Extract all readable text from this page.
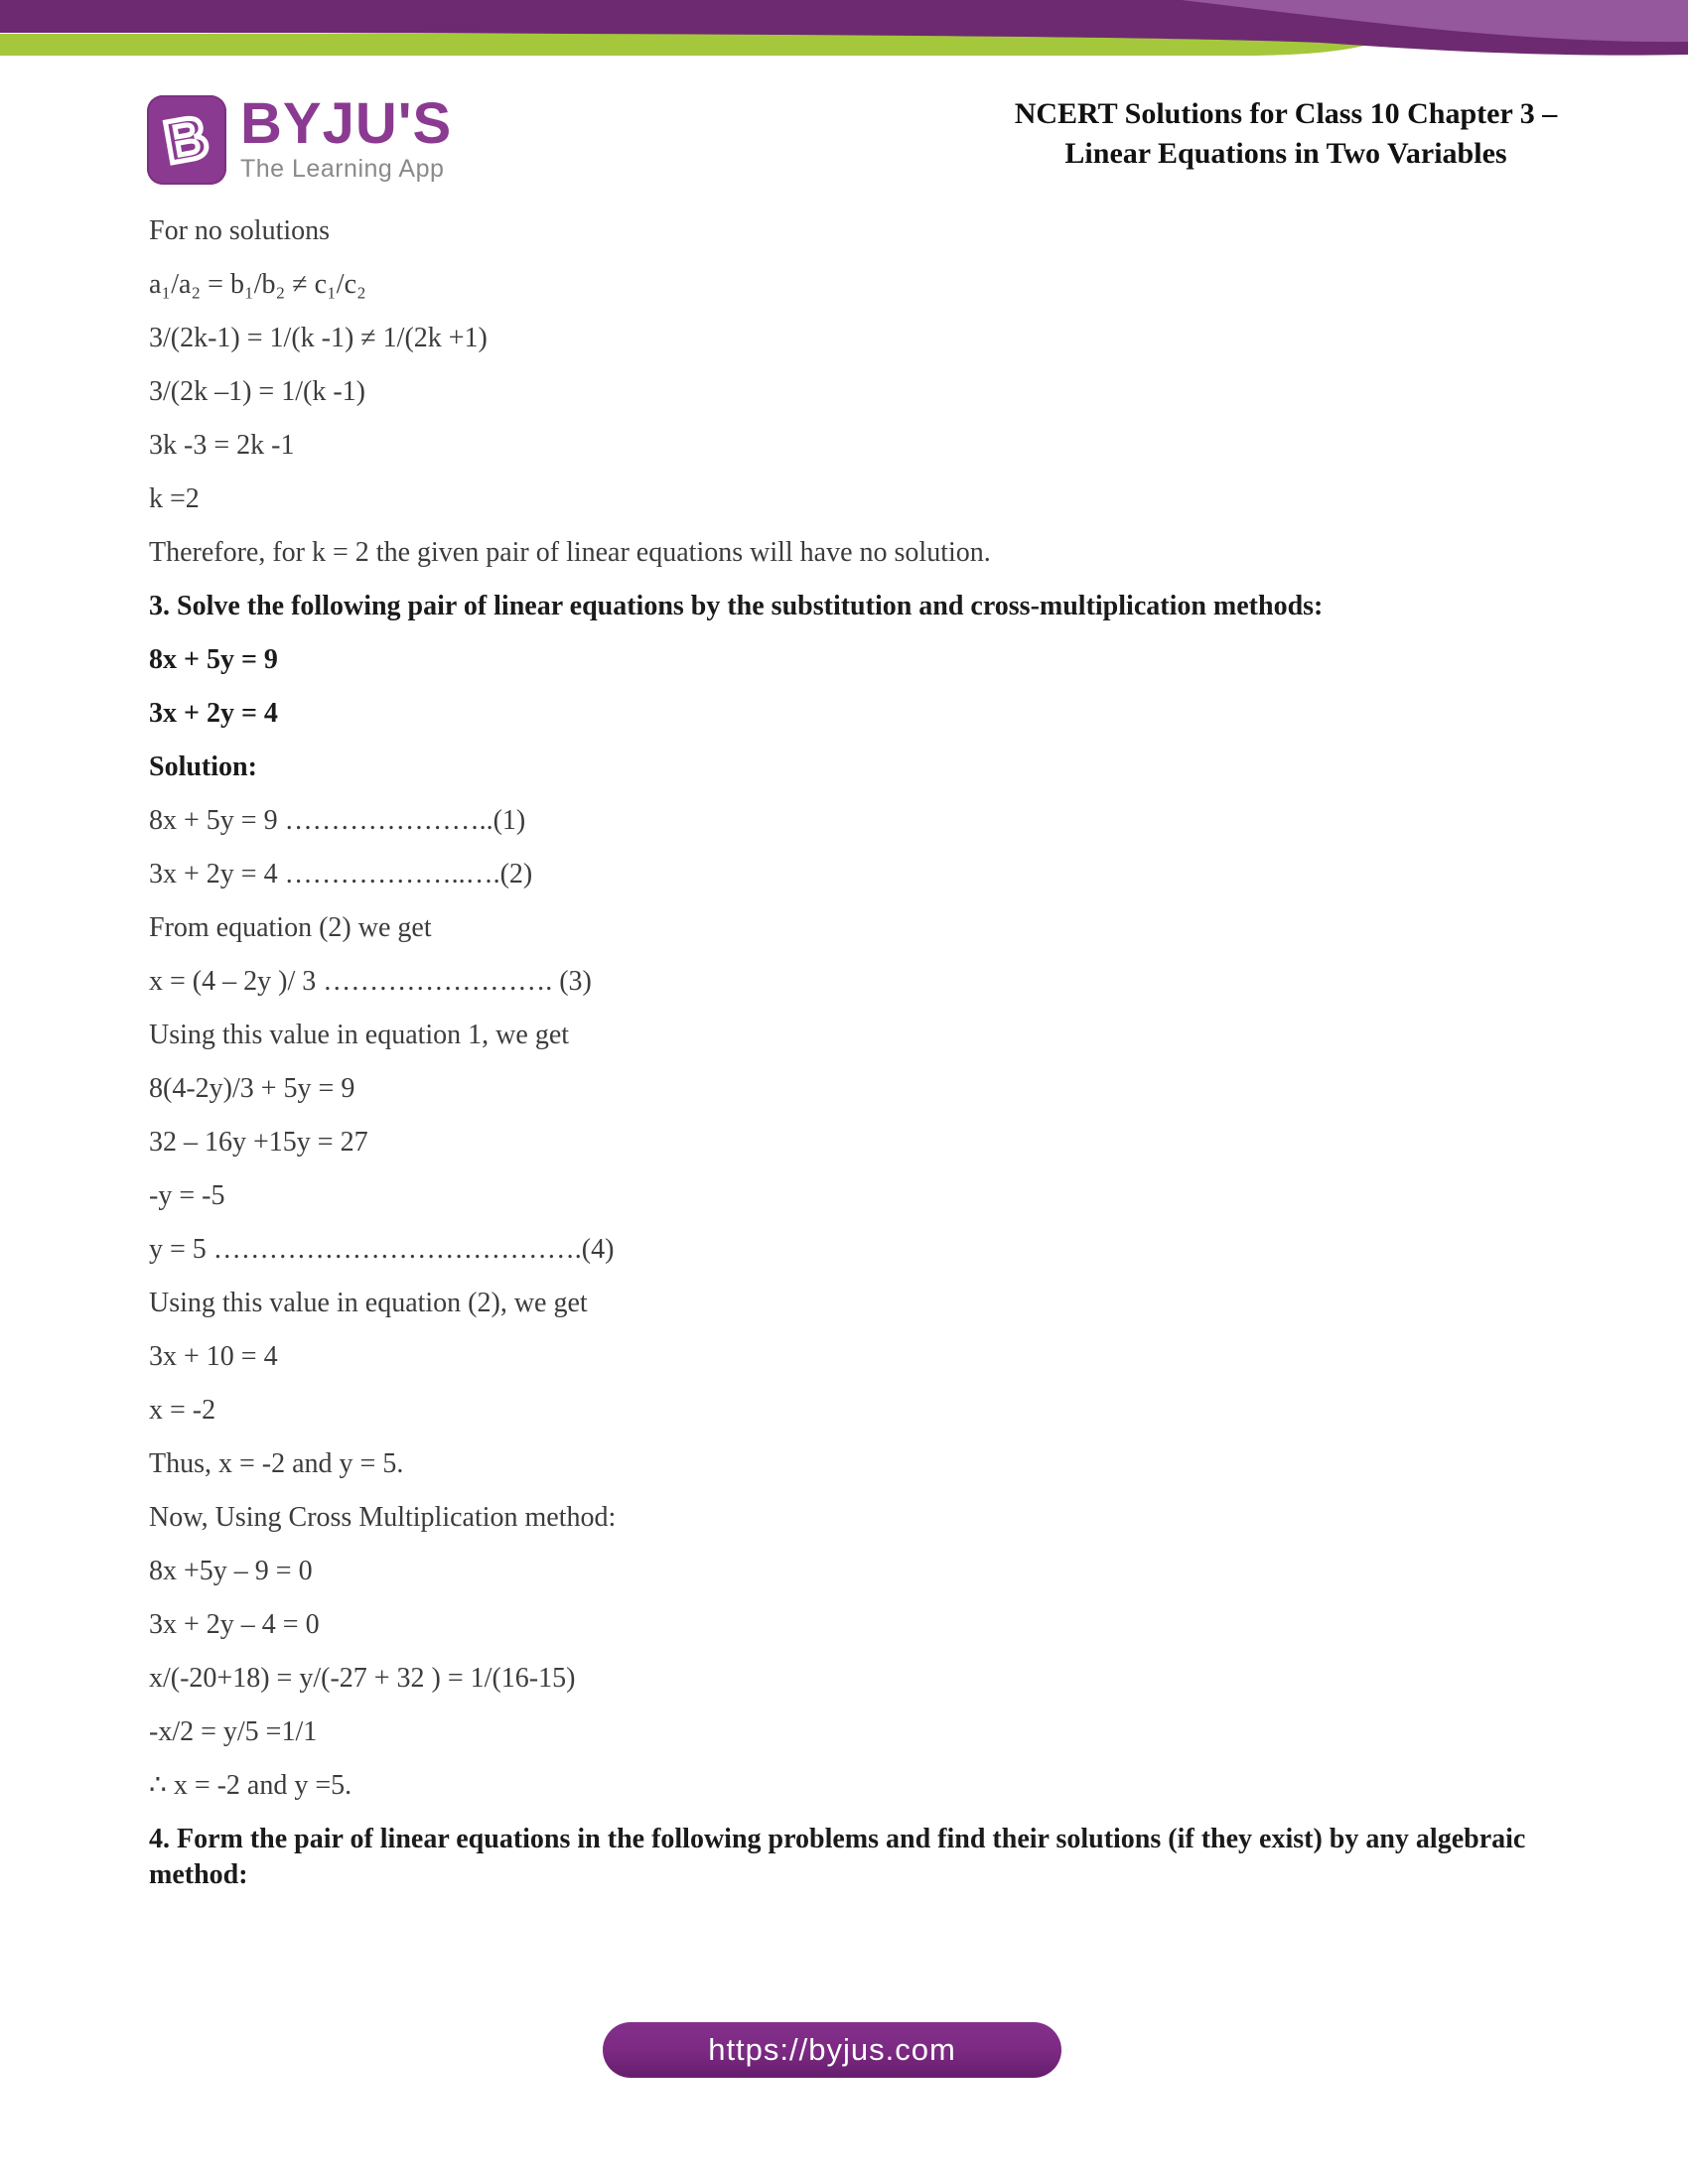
B BYJU'S
The Learning App
NCERT Solutions for Class 10 Chapter 3 –
Linear Equations in Two Variables
For no solutions
a₁/a₂ = b₁/b₂ ≠ c₁/c₂
3/(2k-1) = 1/(k -1) ≠ 1/(2k +1)
3/(2k –1) = 1/(k -1)
3k -3 = 2k -1
k =2
Therefore, for k = 2 the given pair of linear equations will have no solution.
3. Solve the following pair of linear equations by the substitution and cross-multiplication methods:
8x + 5y = 9
3x + 2y = 4
Solution:
8x + 5y = 9 …………………..(1)
3x + 2y = 4 ………………..….(2)
From equation (2) we get
x = (4 – 2y )/ 3 ……………………. (3)
Using this value in equation 1, we get
8(4-2y)/3 + 5y = 9
32 – 16y +15y = 27
-y = -5
y = 5 ………………………………….(4)
Using this value in equation (2), we get
3x + 10 = 4
x = -2
Thus, x = -2 and y = 5.
Now, Using Cross Multiplication method:
8x +5y – 9 = 0
3x + 2y – 4 = 0
x/(-20+18) = y/(-27 + 32 ) = 1/(16-15)
-x/2 = y/5 =1/1
∴ x = -2 and y =5.
4. Form the pair of linear equations in the following problems and find their solutions (if they exist) by any algebraic method:
https://byjus.com
